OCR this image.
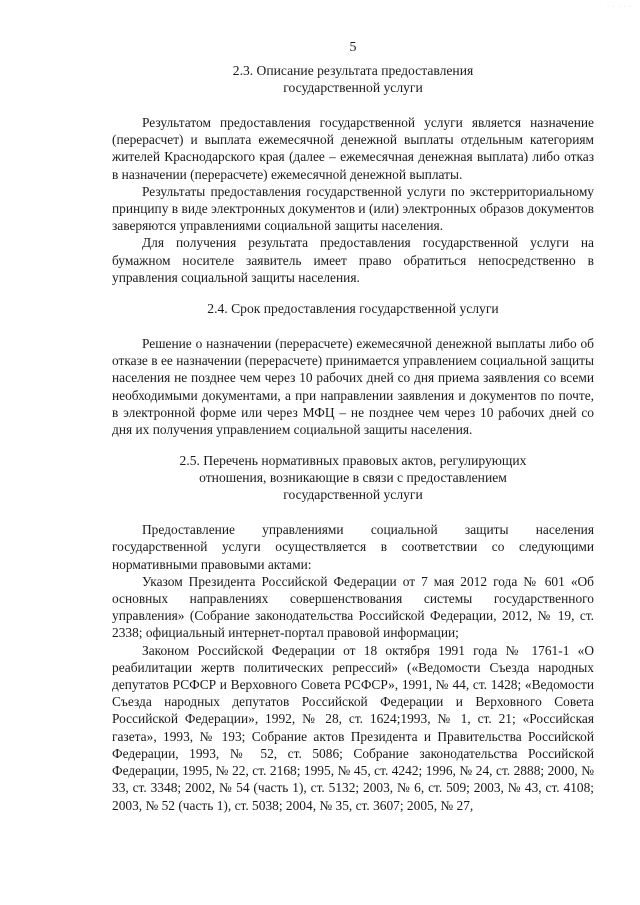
· · · · ·
5
2.3. Описание результата предоставления
государственной услуги

Результатом предоставления государственной услуги является назначение (перерасчет) и выплата ежемесячной денежной выплаты отдельным категориям жителей Краснодарского края (далее – ежемесячная денежная выплата) либо отказ в назначении (перерасчете) ежемесячной денежной выплаты.

Результаты предоставления государственной услуги по экстерриториальному принципу в виде электронных документов и (или) электронных образов документов заверяются управлениями социальной защиты населения.

Для получения результата предоставления государственной услуги на бумажном носителе заявитель имеет право обратиться непосредственно в управления социальной защиты населения.

2.4. Срок предоставления государственной услуги

Решение о назначении (перерасчете) ежемесячной денежной выплаты либо об отказе в ее назначении (перерасчете) принимается управлением социальной защиты населения не позднее чем через 10 рабочих дней со дня приема заявления со всеми необходимыми документами, а при направлении заявления и документов по почте, в электронной форме или через МФЦ – не позднее чем через 10 рабочих дней со дня их получения управлением социальной защиты населения.

2.5. Перечень нормативных правовых актов, регулирующих
отношения, возникающие в связи с предоставлением
государственной услуги

Предоставление управлениями социальной защиты населения государственной услуги осуществляется в соответствии со следующими нормативными правовыми актами:

Указом Президента Российской Федерации от 7 мая 2012 года № 601 «Об основных направлениях совершенствования системы государственного управления» (Собрание законодательства Российской Федерации, 2012, № 19, ст. 2338; официальный интернет-портал правовой информации;

Законом Российской Федерации от 18 октября 1991 года № 1761-1 «О реабилитации жертв политических репрессий» («Ведомости Съезда народных депутатов РСФСР и Верховного Совета РСФСР», 1991, № 44, ст. 1428; «Ведомости Съезда народных депутатов Российской Федерации и Верховного Совета Российской Федерации», 1992, № 28, ст. 1624;1993, № 1, ст. 21; «Российская газета», 1993, № 193; Собрание актов Президента и Правительства Российской Федерации, 1993, № 52, ст. 5086; Собрание законодательства Российской Федерации, 1995, № 22, ст. 2168; 1995, № 45, ст. 4242; 1996, № 24, ст. 2888; 2000, № 33, ст. 3348; 2002, № 54 (часть 1), ст. 5132; 2003, № 6, ст. 509; 2003, № 43, ст. 4108; 2003, № 52 (часть 1), ст. 5038; 2004, № 35, ст. 3607; 2005, № 27,
